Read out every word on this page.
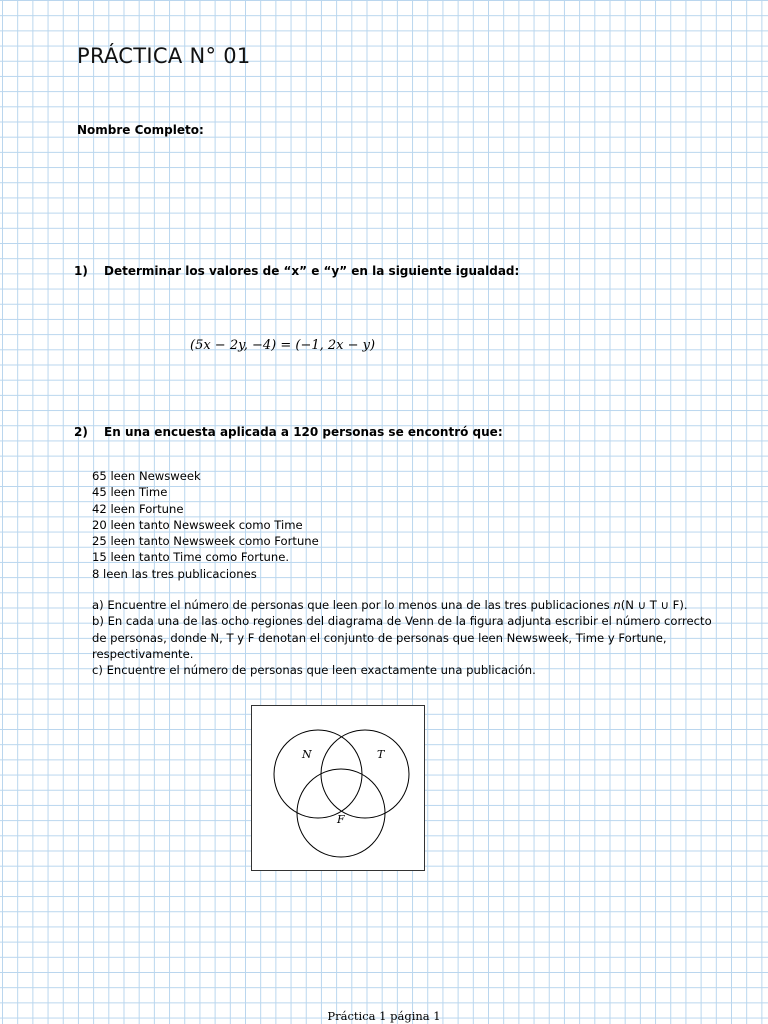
PRÁCTICA N° 01
Nombre Completo:
1) Determinar los valores de “x” e “y” en la siguiente igualdad:
(5x − 2y, −4) = (−1, 2x − y)
2) En una encuesta aplicada a 120 personas se encontró que:
65 leen Newsweek
45 leen Time
42 leen Fortune
20 leen tanto Newsweek como Time
25 leen tanto Newsweek como Fortune
15 leen tanto Time como Fortune.
8 leen las tres publicaciones

a) Encuentre el número de personas que leen por lo menos una de las tres publicaciones n(N ∪ T ∪ F).

b) En cada una de las ocho regiones del diagrama de Venn de la figura adjunta escribir el número correcto de personas, donde N, T y F denotan el conjunto de personas que leen Newsweek, Time y Fortune, respectivamente.

c) Encuentre el número de personas que leen exactamente una publicación.

N	T
F
Práctica 1 página 1
